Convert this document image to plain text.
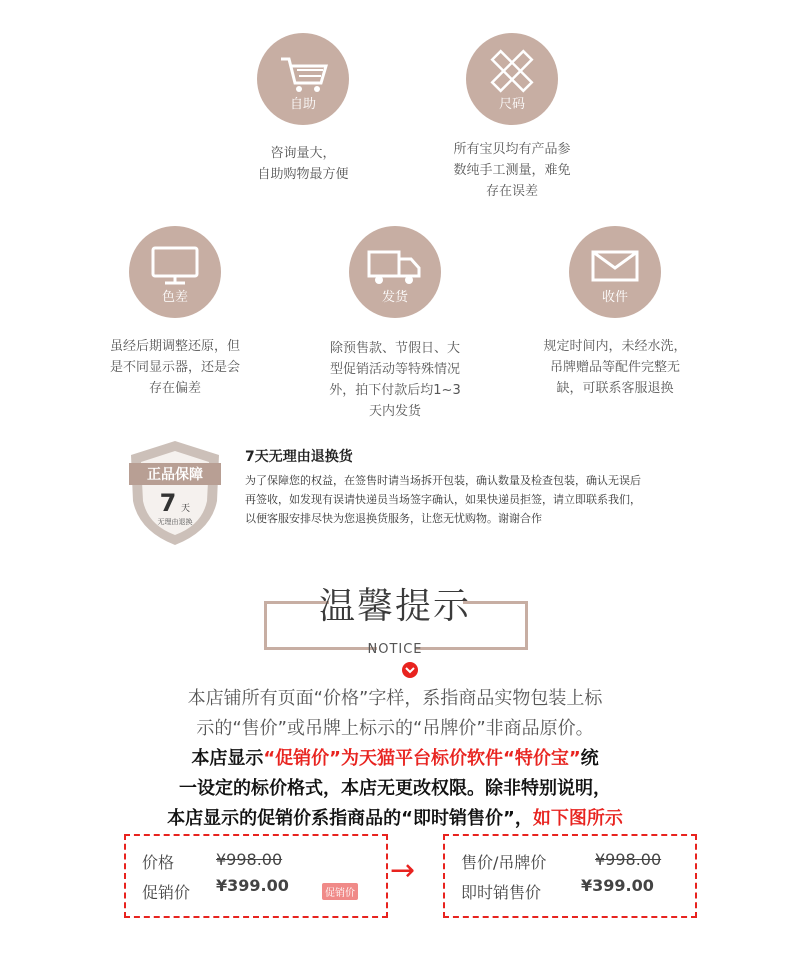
自助
咨询量大，
自助购物最方便
尺码
所有宝贝均有产品参
数纯手工测量，难免
存在误差
色差
虽经后期调整还原，但
是不同显示器，还是会
存在偏差
发货
除预售款、节假日、大
型促销活动等特殊情况
外，拍下付款后均1~3
天内发货
收件
规定时间内，未经水洗，
吊牌赠品等配件完整无
缺，可联系客服退换
正品保障
7 天
无理由退换
7天无理由退换货
为了保障您的权益，在签售时请当场拆开包装，确认数量及检查包装，确认无误后
再签收，如发现有误请快递员当场签字确认，如果快递员拒签，请立即联系我们，
以便客服安排尽快为您退换货服务，让您无忧购物。谢谢合作
温馨提示
NOTICE
本店铺所有页面“价格”字样，系指商品实物包装上标
示的“售价”或吊牌上标示的“吊牌价”非商品原价。
本店显示“促销价”为天猫平台标价软件“特价宝”统
一设定的标价格式，本店无更改权限。除非特别说明，
本店显示的促销价系指商品的“即时销售价”，如下图所示
价格	¥998.00
促销价 ¥399.00	促销价
→	售价/吊牌价	¥998.00
即时销售价 ¥399.00
